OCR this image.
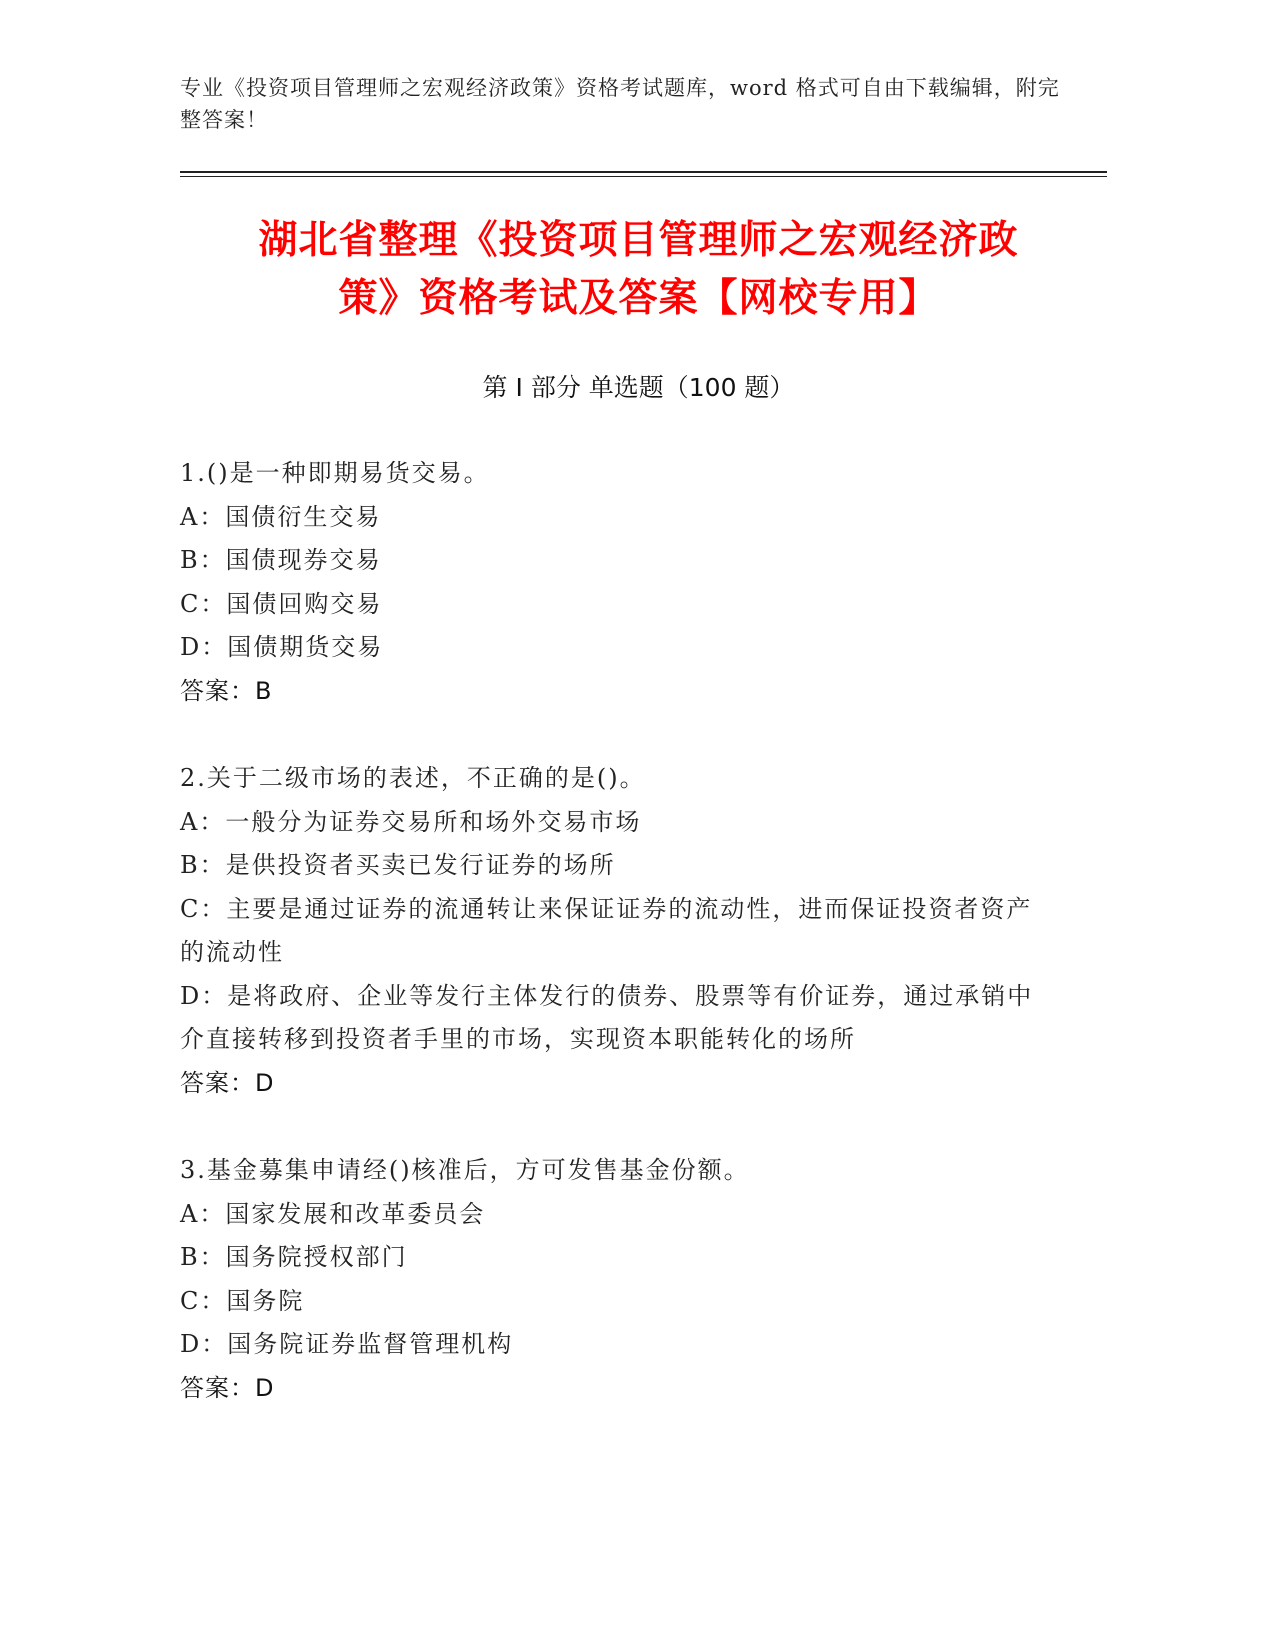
专业《投资项目管理师之宏观经济政策》资格考试题库，word 格式可自由下载编辑，附完整答案！
湖北省整理《投资项目管理师之宏观经济政
策》资格考试及答案【网校专用】
第 I 部分 单选题（100 题）
1.()是一种即期易货交易。
A：国债衍生交易
B：国债现券交易
C：国债回购交易
D：国债期货交易
答案：B
2.关于二级市场的表述，不正确的是()。
A：一般分为证券交易所和场外交易市场
B：是供投资者买卖已发行证券的场所
C：主要是通过证券的流通转让来保证证券的流动性，进而保证投资者资产的流动性
D：是将政府、企业等发行主体发行的债券、股票等有价证券，通过承销中介直接转移到投资者手里的市场，实现资本职能转化的场所
答案：D
3.基金募集申请经()核准后，方可发售基金份额。
A：国家发展和改革委员会
B：国务院授权部门
C：国务院
D：国务院证券监督管理机构
答案：D
